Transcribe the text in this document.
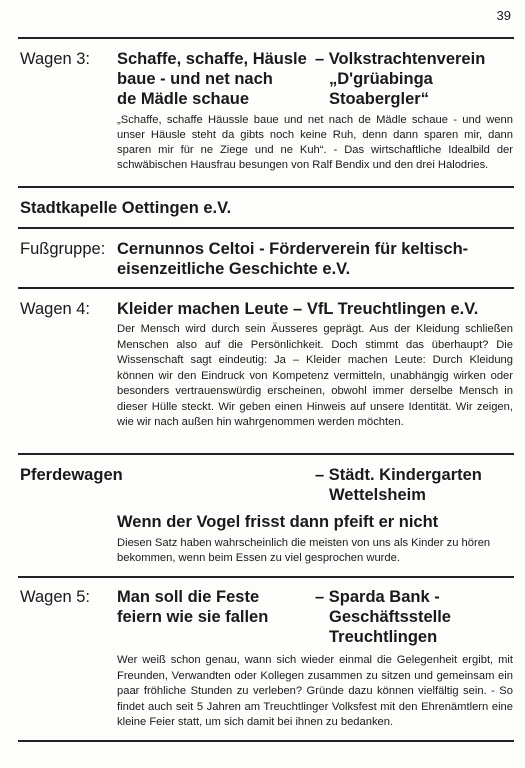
39
Wagen 3: Schaffe, schaffe, Häusle
baue - und net nach
de Mädle schaue
– Volkstrachtenverein
„D'grüabinga
Stoabergler“
„Schaffe, schaffe Häussle baue und net nach de Mädle schaue - und wenn unser Häusle steht da gibts noch keine Ruh, denn dann sparen mir, dann sparen mir für ne Ziege und ne Kuh“. - Das wirtschaftliche Idealbild der schwäbischen Hausfrau besungen von Ralf Bendix und den drei Halodries.
Stadtkapelle Oettingen e.V.
Fußgruppe: Cernunnos Celtoi - Förderverein für keltisch-
eisenzeitliche Geschichte e.V.
Wagen 4: Kleider machen Leute – VfL Treuchtlingen e.V.
Der Mensch wird durch sein Äusseres geprägt. Aus der Kleidung schließen Menschen also auf die Persönlichkeit. Doch stimmt das überhaupt? Die Wissenschaft sagt eindeutig: Ja – Kleider machen Leute: Durch Kleidung können wir den Eindruck von Kompetenz vermitteln, unabhängig wirken oder besonders vertrauenswürdig erscheinen, obwohl immer derselbe Mensch in dieser Hülle steckt. Wir geben einen Hinweis auf unsere Identität. Wir zeigen, wie wir nach außen hin wahrgenommen werden möchten.
Pferdewagen	– Städt. Kindergarten
Wettelsheim
Wenn der Vogel frisst dann pfeift er nicht
Diesen Satz haben wahrscheinlich die meisten von uns als Kinder zu hören bekommen, wenn beim Essen zu viel gesprochen wurde.
Wagen 5: Man soll die Feste
feiern wie sie fallen
– Sparda Bank -
Geschäftsstelle
Treuchtlingen
Wer weiß schon genau, wann sich wieder einmal die Gelegenheit ergibt, mit Freunden, Verwandten oder Kollegen zusammen zu sitzen und gemeinsam ein paar fröhliche Stunden zu verleben? Gründe dazu können vielfältig sein. - So findet auch seit 5 Jahren am Treuchtlinger Volksfest mit den Ehrenämtlern eine kleine Feier statt, um sich damit bei ihnen zu bedanken.
